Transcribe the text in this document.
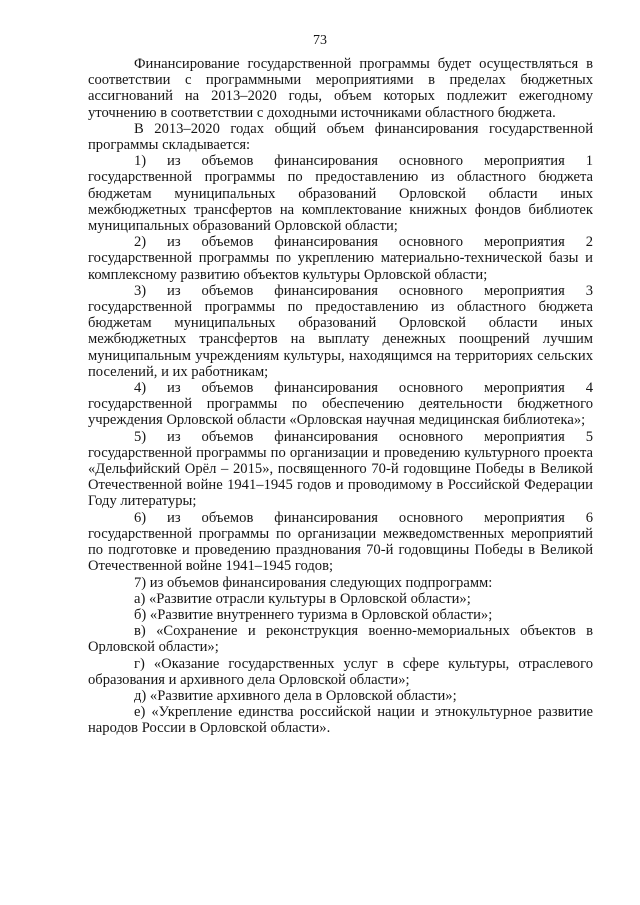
73

Финансирование государственной программы будет осуществляться в соответствии с программными мероприятиями в пределах бюджетных ассигнований на 2013–2020 годы, объем которых подлежит ежегодному уточнению в соответствии с доходными источниками областного бюджета.

В 2013–2020 годах общий объем финансирования государственной программы складывается:

1) из объемов финансирования основного мероприятия 1 государственной программы по предоставлению из областного бюджета бюджетам муниципальных образований Орловской области иных межбюджетных трансфертов на комплектование книжных фондов библиотек муниципальных образований Орловской области;

2) из объемов финансирования основного мероприятия 2 государственной программы по укреплению материально-технической базы и комплексному развитию объектов культуры Орловской области;

3) из объемов финансирования основного мероприятия 3 государственной программы по предоставлению из областного бюджета бюджетам муниципальных образований Орловской области иных межбюджетных трансфертов на выплату денежных поощрений лучшим муниципальным учреждениям культуры, находящимся на территориях сельских поселений, и их работникам;

4) из объемов финансирования основного мероприятия 4 государственной программы по обеспечению деятельности бюджетного учреждения Орловской области «Орловская научная медицинская библиотека»;

5) из объемов финансирования основного мероприятия 5 государственной программы по организации и проведению культурного проекта «Дельфийский Орёл – 2015», посвященного 70-й годовщине Победы в Великой Отечественной войне 1941–1945 годов и проводимому в Российской Федерации Году литературы;

6) из объемов финансирования основного мероприятия 6 государственной программы по организации межведомственных мероприятий по подготовке и проведению празднования 70-й годовщины Победы в Великой Отечественной войне 1941–1945 годов;

7) из объемов финансирования следующих подпрограмм:

а) «Развитие отрасли культуры в Орловской области»;

б) «Развитие внутреннего туризма в Орловской области»;

в) «Сохранение и реконструкция военно-мемориальных объектов в Орловской области»;

г) «Оказание государственных услуг в сфере культуры, отраслевого образования и архивного дела Орловской области»;

д) «Развитие архивного дела в Орловской области»;

е) «Укрепление единства российской нации и этнокультурное развитие народов России в Орловской области».
